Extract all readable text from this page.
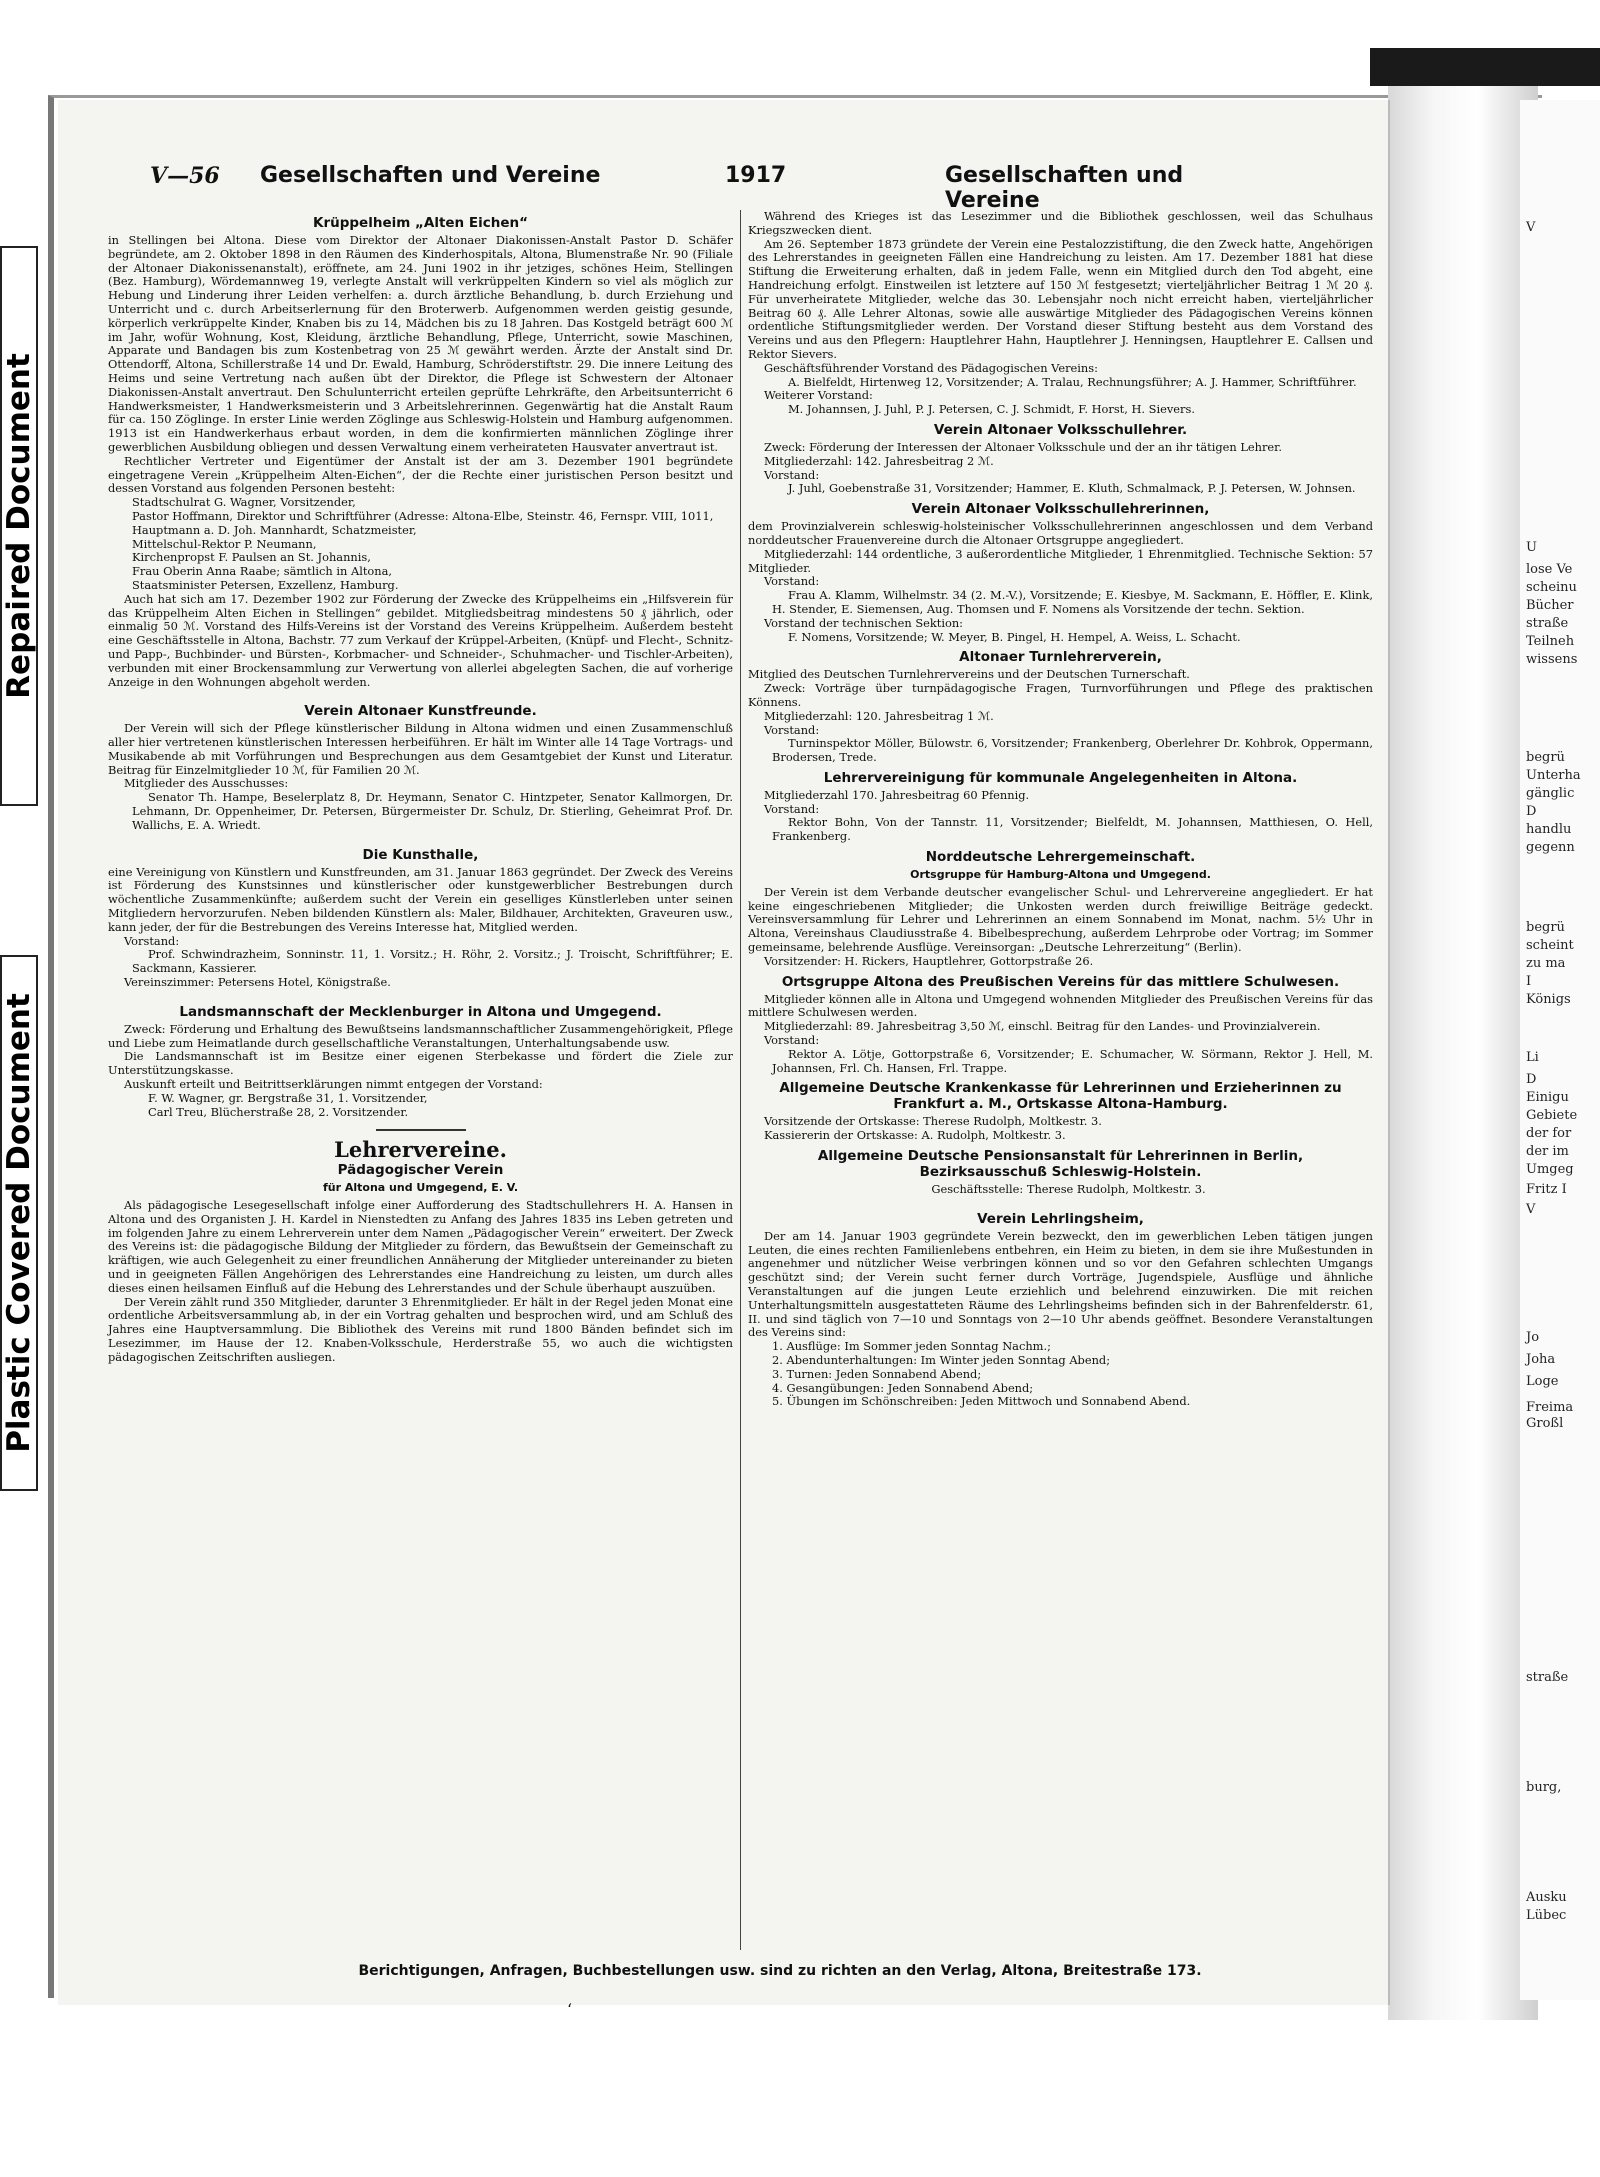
V
U
lose Ve
scheinu
Bücher
straße
Teilneh
wissens
begrü
Unterha
gänglic
D
handlu
gegenn
begrü
scheint
zu ma
I
Königs
Li
D
Einigu
Gebiete
der for
der im
Umgeg
Fritz I
V
Jo
Joha
Loge
Freima
Großl
straße
burg,
Ausku
Lübec
Repaired Document
Plastic Covered Document
V—56 Gesellschaften und Vereine	1917	Gesellschaften und Vereine
Krüppelheim „Alten Eichen“

in Stellingen bei Altona. Diese vom Direktor der Altonaer Diakonissen-Anstalt Pastor D. Schäfer begründete, am 2. Oktober 1898 in den Räumen des Kinderhospitals, Altona, Blumenstraße Nr. 90 (Filiale der Altonaer Diakonissenanstalt), eröffnete, am 24. Juni 1902 in ihr jetziges, schönes Heim, Stellingen (Bez. Hamburg), Wördemannweg 19, verlegte Anstalt will verkrüppelten Kindern so viel als möglich zur Hebung und Linderung ihrer Leiden verhelfen: a. durch ärztliche Behandlung, b. durch Erziehung und Unterricht und c. durch Arbeitserlernung für den Broterwerb. Aufgenommen werden geistig gesunde, körperlich verkrüppelte Kinder, Knaben bis zu 14, Mädchen bis zu 18 Jahren. Das Kostgeld beträgt 600 ℳ im Jahr, wofür Wohnung, Kost, Kleidung, ärztliche Behandlung, Pflege, Unterricht, sowie Maschinen, Apparate und Bandagen bis zum Kostenbetrag von 25 ℳ gewährt werden. Ärzte der Anstalt sind Dr. Ottendorff, Altona, Schillerstraße 14 und Dr. Ewald, Hamburg, Schröderstiftstr. 29. Die innere Leitung des Heims und seine Vertretung nach außen übt der Direktor, die Pflege ist Schwestern der Altonaer Diakonissen-Anstalt anvertraut. Den Schulunterricht erteilen geprüfte Lehrkräfte, den Arbeitsunterricht 6 Handwerksmeister, 1 Handwerksmeisterin und 3 Arbeitslehrerinnen. Gegenwärtig hat die Anstalt Raum für ca. 150 Zöglinge. In erster Linie werden Zöglinge aus Schleswig-Holstein und Hamburg aufgenommen. 1913 ist ein Handwerkerhaus erbaut worden, in dem die konfirmierten männlichen Zöglinge ihrer gewerblichen Ausbildung obliegen und dessen Verwaltung einem verheirateten Hausvater anvertraut ist.

Rechtlicher Vertreter und Eigentümer der Anstalt ist der am 3. Dezember 1901 begründete eingetragene Verein „Krüppelheim Alten-Eichen“, der die Rechte einer juristischen Person besitzt und dessen Vorstand aus folgenden Personen besteht:

Stadtschulrat G. Wagner, Vorsitzender,
Pastor Hoffmann, Direktor und Schriftführer (Adresse: Altona-Elbe, Steinstr. 46, Fernspr. VIII, 1011,
Hauptmann a. D. Joh. Mannhardt, Schatzmeister,
Mittelschul-Rektor P. Neumann,
Kirchenpropst F. Paulsen an St. Johannis,
Frau Oberin Anna Raabe; sämtlich in Altona,
Staatsminister Petersen, Exzellenz, Hamburg.

Auch hat sich am 17. Dezember 1902 zur Förderung der Zwecke des Krüppelheims ein „Hilfsverein für das Krüppelheim Alten Eichen in Stellingen“ gebildet. Mitgliedsbeitrag mindestens 50 ₰ jährlich, oder einmalig 50 ℳ. Vorstand des Hilfs-Vereins ist der Vorstand des Vereins Krüppelheim. Außerdem besteht eine Geschäftsstelle in Altona, Bachstr. 77 zum Verkauf der Krüppel-Arbeiten, (Knüpf- und Flecht-, Schnitz- und Papp-, Buchbinder- und Bürsten-, Korbmacher- und Schneider-, Schuhmacher- und Tischler-Arbeiten), verbunden mit einer Brockensammlung zur Verwertung von allerlei abgelegten Sachen, die auf vorherige Anzeige in den Wohnungen abgeholt werden.

Verein Altonaer Kunstfreunde.

Der Verein will sich der Pflege künstlerischer Bildung in Altona widmen und einen Zusammenschluß aller hier vertretenen künstlerischen Interessen herbeiführen. Er hält im Winter alle 14 Tage Vortrags- und Musikabende ab mit Vorführungen und Besprechungen aus dem Gesamtgebiet der Kunst und Literatur. Beitrag für Einzelmitglieder 10 ℳ, für Familien 20 ℳ.

Mitglieder des Ausschusses:

Senator Th. Hampe, Beselerplatz 8, Dr. Heymann, Senator C. Hintzpeter, Senator Kallmorgen, Dr. Lehmann, Dr. Oppenheimer, Dr. Petersen, Bürgermeister Dr. Schulz, Dr. Stierling, Geheimrat Prof. Dr. Wallichs, E. A. Wriedt.

Die Kunsthalle,

eine Vereinigung von Künstlern und Kunstfreunden, am 31. Januar 1863 gegründet. Der Zweck des Vereins ist Förderung des Kunstsinnes und künstlerischer oder kunstgewerblicher Bestrebungen durch wöchentliche Zusammenkünfte; außerdem sucht der Verein ein geselliges Künstlerleben unter seinen Mitgliedern hervorzurufen. Neben bildenden Künstlern als: Maler, Bildhauer, Architekten, Graveuren usw., kann jeder, der für die Bestrebungen des Vereins Interesse hat, Mitglied werden.

Vorstand:

Prof. Schwindrazheim, Sonninstr. 11, 1. Vorsitz.; H. Röhr, 2. Vorsitz.; J. Troischt, Schriftführer; E. Sackmann, Kassierer.

Vereinszimmer: Petersens Hotel, Königstraße.

Landsmannschaft der Mecklenburger in Altona und Umgegend.

Zweck: Förderung und Erhaltung des Bewußtseins landsmannschaftlicher Zusammengehörigkeit, Pflege und Liebe zum Heimatlande durch gesellschaftliche Veranstaltungen, Unterhaltungsabende usw.

Die Landsmannschaft ist im Besitze einer eigenen Sterbekasse und fördert die Ziele zur Unterstützungskasse.

Auskunft erteilt und Beitrittserklärungen nimmt entgegen der Vorstand:

F. W. Wagner, gr. Bergstraße 31, 1. Vorsitzender,

Carl Treu, Blücherstraße 28, 2. Vorsitzender.

Lehrervereine.
Pädagogischer Verein
für Altona und Umgegend, E. V.

Als pädagogische Lesegesellschaft infolge einer Aufforderung des Stadtschullehrers H. A. Hansen in Altona und des Organisten J. H. Kardel in Nienstedten zu Anfang des Jahres 1835 ins Leben getreten und im folgenden Jahre zu einem Lehrerverein unter dem Namen „Pädagogischer Verein“ erweitert. Der Zweck des Vereins ist: die pädagogische Bildung der Mitglieder zu fördern, das Bewußtsein der Gemeinschaft zu kräftigen, wie auch Gelegenheit zu einer freundlichen Annäherung der Mitglieder untereinander zu bieten und in geeigneten Fällen Angehörigen des Lehrerstandes eine Handreichung zu leisten, um durch alles dieses einen heilsamen Einfluß auf die Hebung des Lehrerstandes und der Schule überhaupt auszuüben.

Der Verein zählt rund 350 Mitglieder, darunter 3 Ehrenmitglieder. Er hält in der Regel jeden Monat eine ordentliche Arbeitsversammlung ab, in der ein Vortrag gehalten und besprochen wird, und am Schluß des Jahres eine Hauptversammlung. Die Bibliothek des Vereins mit rund 1800 Bänden befindet sich im Lesezimmer, im Hause der 12. Knaben-Volksschule, Herderstraße 55, wo auch die wichtigsten pädagogischen Zeitschriften ausliegen.

Während des Krieges ist das Lesezimmer und die Bibliothek geschlossen, weil das Schulhaus Kriegszwecken dient.

Am 26. September 1873 gründete der Verein eine Pestalozzistiftung, die den Zweck hatte, Angehörigen des Lehrerstandes in geeigneten Fällen eine Handreichung zu leisten. Am 17. Dezember 1881 hat diese Stiftung die Erweiterung erhalten, daß in jedem Falle, wenn ein Mitglied durch den Tod abgeht, eine Handreichung erfolgt. Einstweilen ist letztere auf 150 ℳ festgesetzt; vierteljährlicher Beitrag 1 ℳ 20 ₰. Für unverheiratete Mitglieder, welche das 30. Lebensjahr noch nicht erreicht haben, vierteljährlicher Beitrag 60 ₰. Alle Lehrer Altonas, sowie alle auswärtige Mitglieder des Pädagogischen Vereins können ordentliche Stiftungsmitglieder werden. Der Vorstand dieser Stiftung besteht aus dem Vorstand des Vereins und aus den Pflegern: Hauptlehrer Hahn, Hauptlehrer J. Henningsen, Hauptlehrer E. Callsen und Rektor Sievers.

Geschäftsführender Vorstand des Pädagogischen Vereins:

A. Bielfeldt, Hirtenweg 12, Vorsitzender; A. Tralau, Rechnungsführer; A. J. Hammer, Schriftführer.

Weiterer Vorstand:

M. Johannsen, J. Juhl, P. J. Petersen, C. J. Schmidt, F. Horst, H. Sievers.

Verein Altonaer Volksschullehrer.

Zweck: Förderung der Interessen der Altonaer Volksschule und der an ihr tätigen Lehrer.

Mitgliederzahl: 142. Jahresbeitrag 2 ℳ.

Vorstand:

J. Juhl, Goebenstraße 31, Vorsitzender; Hammer, E. Kluth, Schmalmack, P. J. Petersen, W. Johnsen.

Verein Altonaer Volksschullehrerinnen,

dem Provinzialverein schleswig-holsteinischer Volksschullehrerinnen angeschlossen und dem Verband norddeutscher Frauenvereine durch die Altonaer Ortsgruppe angegliedert.

Mitgliederzahl: 144 ordentliche, 3 außerordentliche Mitglieder, 1 Ehrenmitglied. Technische Sektion: 57 Mitglieder.

Vorstand:

Frau A. Klamm, Wilhelmstr. 34 (2. M.-V.), Vorsitzende; E. Kiesbye, M. Sackmann, E. Höffler, E. Klink, H. Stender, E. Siemensen, Aug. Thomsen und F. Nomens als Vorsitzende der techn. Sektion.

Vorstand der technischen Sektion:

F. Nomens, Vorsitzende; W. Meyer, B. Pingel, H. Hempel, A. Weiss, L. Schacht.

Altonaer Turnlehrerverein,

Mitglied des Deutschen Turnlehrervereins und der Deutschen Turnerschaft.

Zweck: Vorträge über turnpädagogische Fragen, Turnvorführungen und Pflege des praktischen Könnens.

Mitgliederzahl: 120. Jahresbeitrag 1 ℳ.

Vorstand:

Turninspektor Möller, Bülowstr. 6, Vorsitzender; Frankenberg, Oberlehrer Dr. Kohbrok, Oppermann, Brodersen, Trede.

Lehrervereinigung für kommunale Angelegenheiten in Altona.

Mitgliederzahl 170. Jahresbeitrag 60 Pfennig.

Vorstand:

Rektor Bohn, Von der Tannstr. 11, Vorsitzender; Bielfeldt, M. Johannsen, Matthiesen, O. Hell, Frankenberg.

Norddeutsche Lehrergemeinschaft.
Ortsgruppe für Hamburg-Altona und Umgegend.

Der Verein ist dem Verbande deutscher evangelischer Schul- und Lehrervereine angegliedert. Er hat keine eingeschriebenen Mitglieder; die Unkosten werden durch freiwillige Beiträge gedeckt. Vereinsversammlung für Lehrer und Lehrerinnen an einem Sonnabend im Monat, nachm. 5½ Uhr in Altona, Vereinshaus Claudiusstraße 4. Bibelbesprechung, außerdem Lehrprobe oder Vortrag; im Sommer gemeinsame, belehrende Ausflüge. Vereinsorgan: „Deutsche Lehrerzeitung“ (Berlin).

Vorsitzender: H. Rickers, Hauptlehrer, Gottorpstraße 26.

Ortsgruppe Altona des Preußischen Vereins für das mittlere Schulwesen.

Mitglieder können alle in Altona und Umgegend wohnenden Mitglieder des Preußischen Vereins für das mittlere Schulwesen werden.

Mitgliederzahl: 89. Jahresbeitrag 3,50 ℳ, einschl. Beitrag für den Landes- und Provinzialverein.

Vorstand:

Rektor A. Lötje, Gottorpstraße 6, Vorsitzender; E. Schumacher, W. Sörmann, Rektor J. Hell, M. Johannsen, Frl. Ch. Hansen, Frl. Trappe.

Allgemeine Deutsche Krankenkasse für Lehrerinnen und Erzieherinnen zu Frankfurt a. M., Ortskasse Altona-Hamburg.

Vorsitzende der Ortskasse: Therese Rudolph, Moltkestr. 3.

Kassiererin der Ortskasse: A. Rudolph, Moltkestr. 3.

Allgemeine Deutsche Pensionsanstalt für Lehrerinnen in Berlin, Bezirksausschuß Schleswig-Holstein.

Geschäftsstelle: Therese Rudolph, Moltkestr. 3.

Verein Lehrlingsheim,

Der am 14. Januar 1903 gegründete Verein bezweckt, den im gewerblichen Leben tätigen jungen Leuten, die eines rechten Familienlebens entbehren, ein Heim zu bieten, in dem sie ihre Mußestunden in angenehmer und nützlicher Weise verbringen können und so vor den Gefahren schlechten Umgangs geschützt sind; der Verein sucht ferner durch Vorträge, Jugendspiele, Ausflüge und ähnliche Veranstaltungen auf die jungen Leute erziehlich und belehrend einzuwirken. Die mit reichen Unterhaltungsmitteln ausgestatteten Räume des Lehrlingsheims befinden sich in der Bahrenfelderstr. 61, II. und sind täglich von 7—10 und Sonntags von 2—10 Uhr abends geöffnet. Besondere Veranstaltungen des Vereins sind:

1. Ausflüge: Im Sommer jeden Sonntag Nachm.;
2. Abendunterhaltungen: Im Winter jeden Sonntag Abend;
3. Turnen: Jeden Sonnabend Abend;
4. Gesangübungen: Jeden Sonnabend Abend;
5. Übungen im Schönschreiben: Jeden Mittwoch und Sonnabend Abend.
Berichtigungen, Anfragen, Buchbestellungen usw. sind zu richten an den Verlag, Altona, Breitestraße 173.
ʻ
